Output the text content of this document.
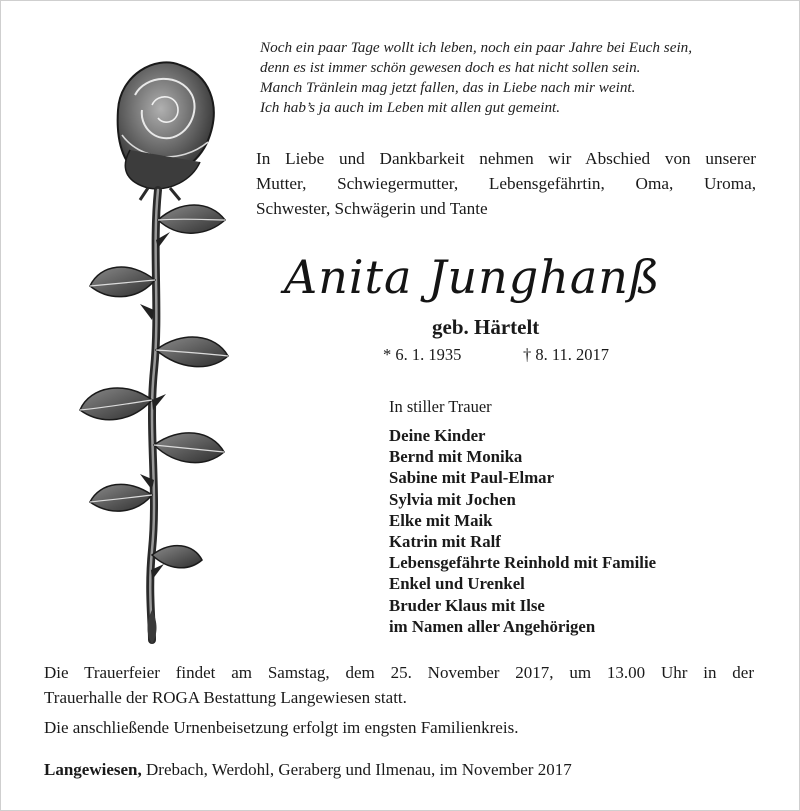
Noch ein paar Tage wollt ich leben, noch ein paar Jahre bei Euch sein,
denn es ist immer schön gewesen doch es hat nicht sollen sein.
Manch Tränlein mag jetzt fallen, das in Liebe nach mir weint.
Ich hab’s ja auch im Leben mit allen gut gemeint.
In Liebe und Dankbarkeit nehmen wir Abschied von unserer
Mutter, Schwiegermutter, Lebensgefährtin, Oma, Uroma,
Schwester, Schwägerin und Tante
Anita Junghanß
geb. Härtelt
* 6. 1. 1935	† 8. 11. 2017
In stiller Trauer
Deine Kinder
Bernd mit Monika
Sabine mit Paul-Elmar
Sylvia mit Jochen
Elke mit Maik
Katrin mit Ralf
Lebensgefährte Reinhold mit Familie
Enkel und Urenkel
Bruder Klaus mit Ilse
im Namen aller Angehörigen
Die Trauerfeier findet am Samstag, dem 25. November 2017, um 13.00 Uhr in der
Trauerhalle der ROGA Bestattung Langewiesen statt.
Die anschließende Urnenbeisetzung erfolgt im engsten Familienkreis.
Langewiesen, Drebach, Werdohl, Geraberg und Ilmenau, im November 2017
